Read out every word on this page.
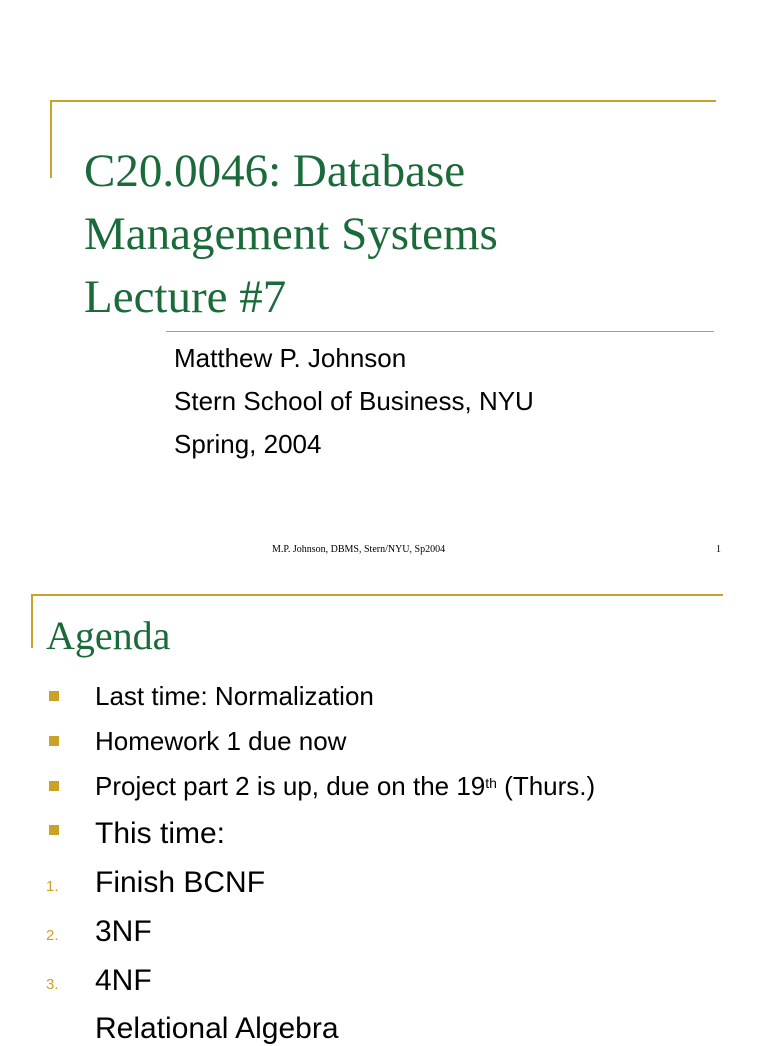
C20.0046: Database
Management Systems
Lecture #7
Matthew P. Johnson
Stern School of Business, NYU
Spring, 2004
M.P. Johnson, DBMS, Stern/NYU, Sp2004	1
Agenda
Last time: Normalization
Homework 1 due now
Project part 2 is up, due on the 19th (Thurs.)
This time:
1. Finish BCNF
2. 3NF
3. 4NF
Relational Algebra
